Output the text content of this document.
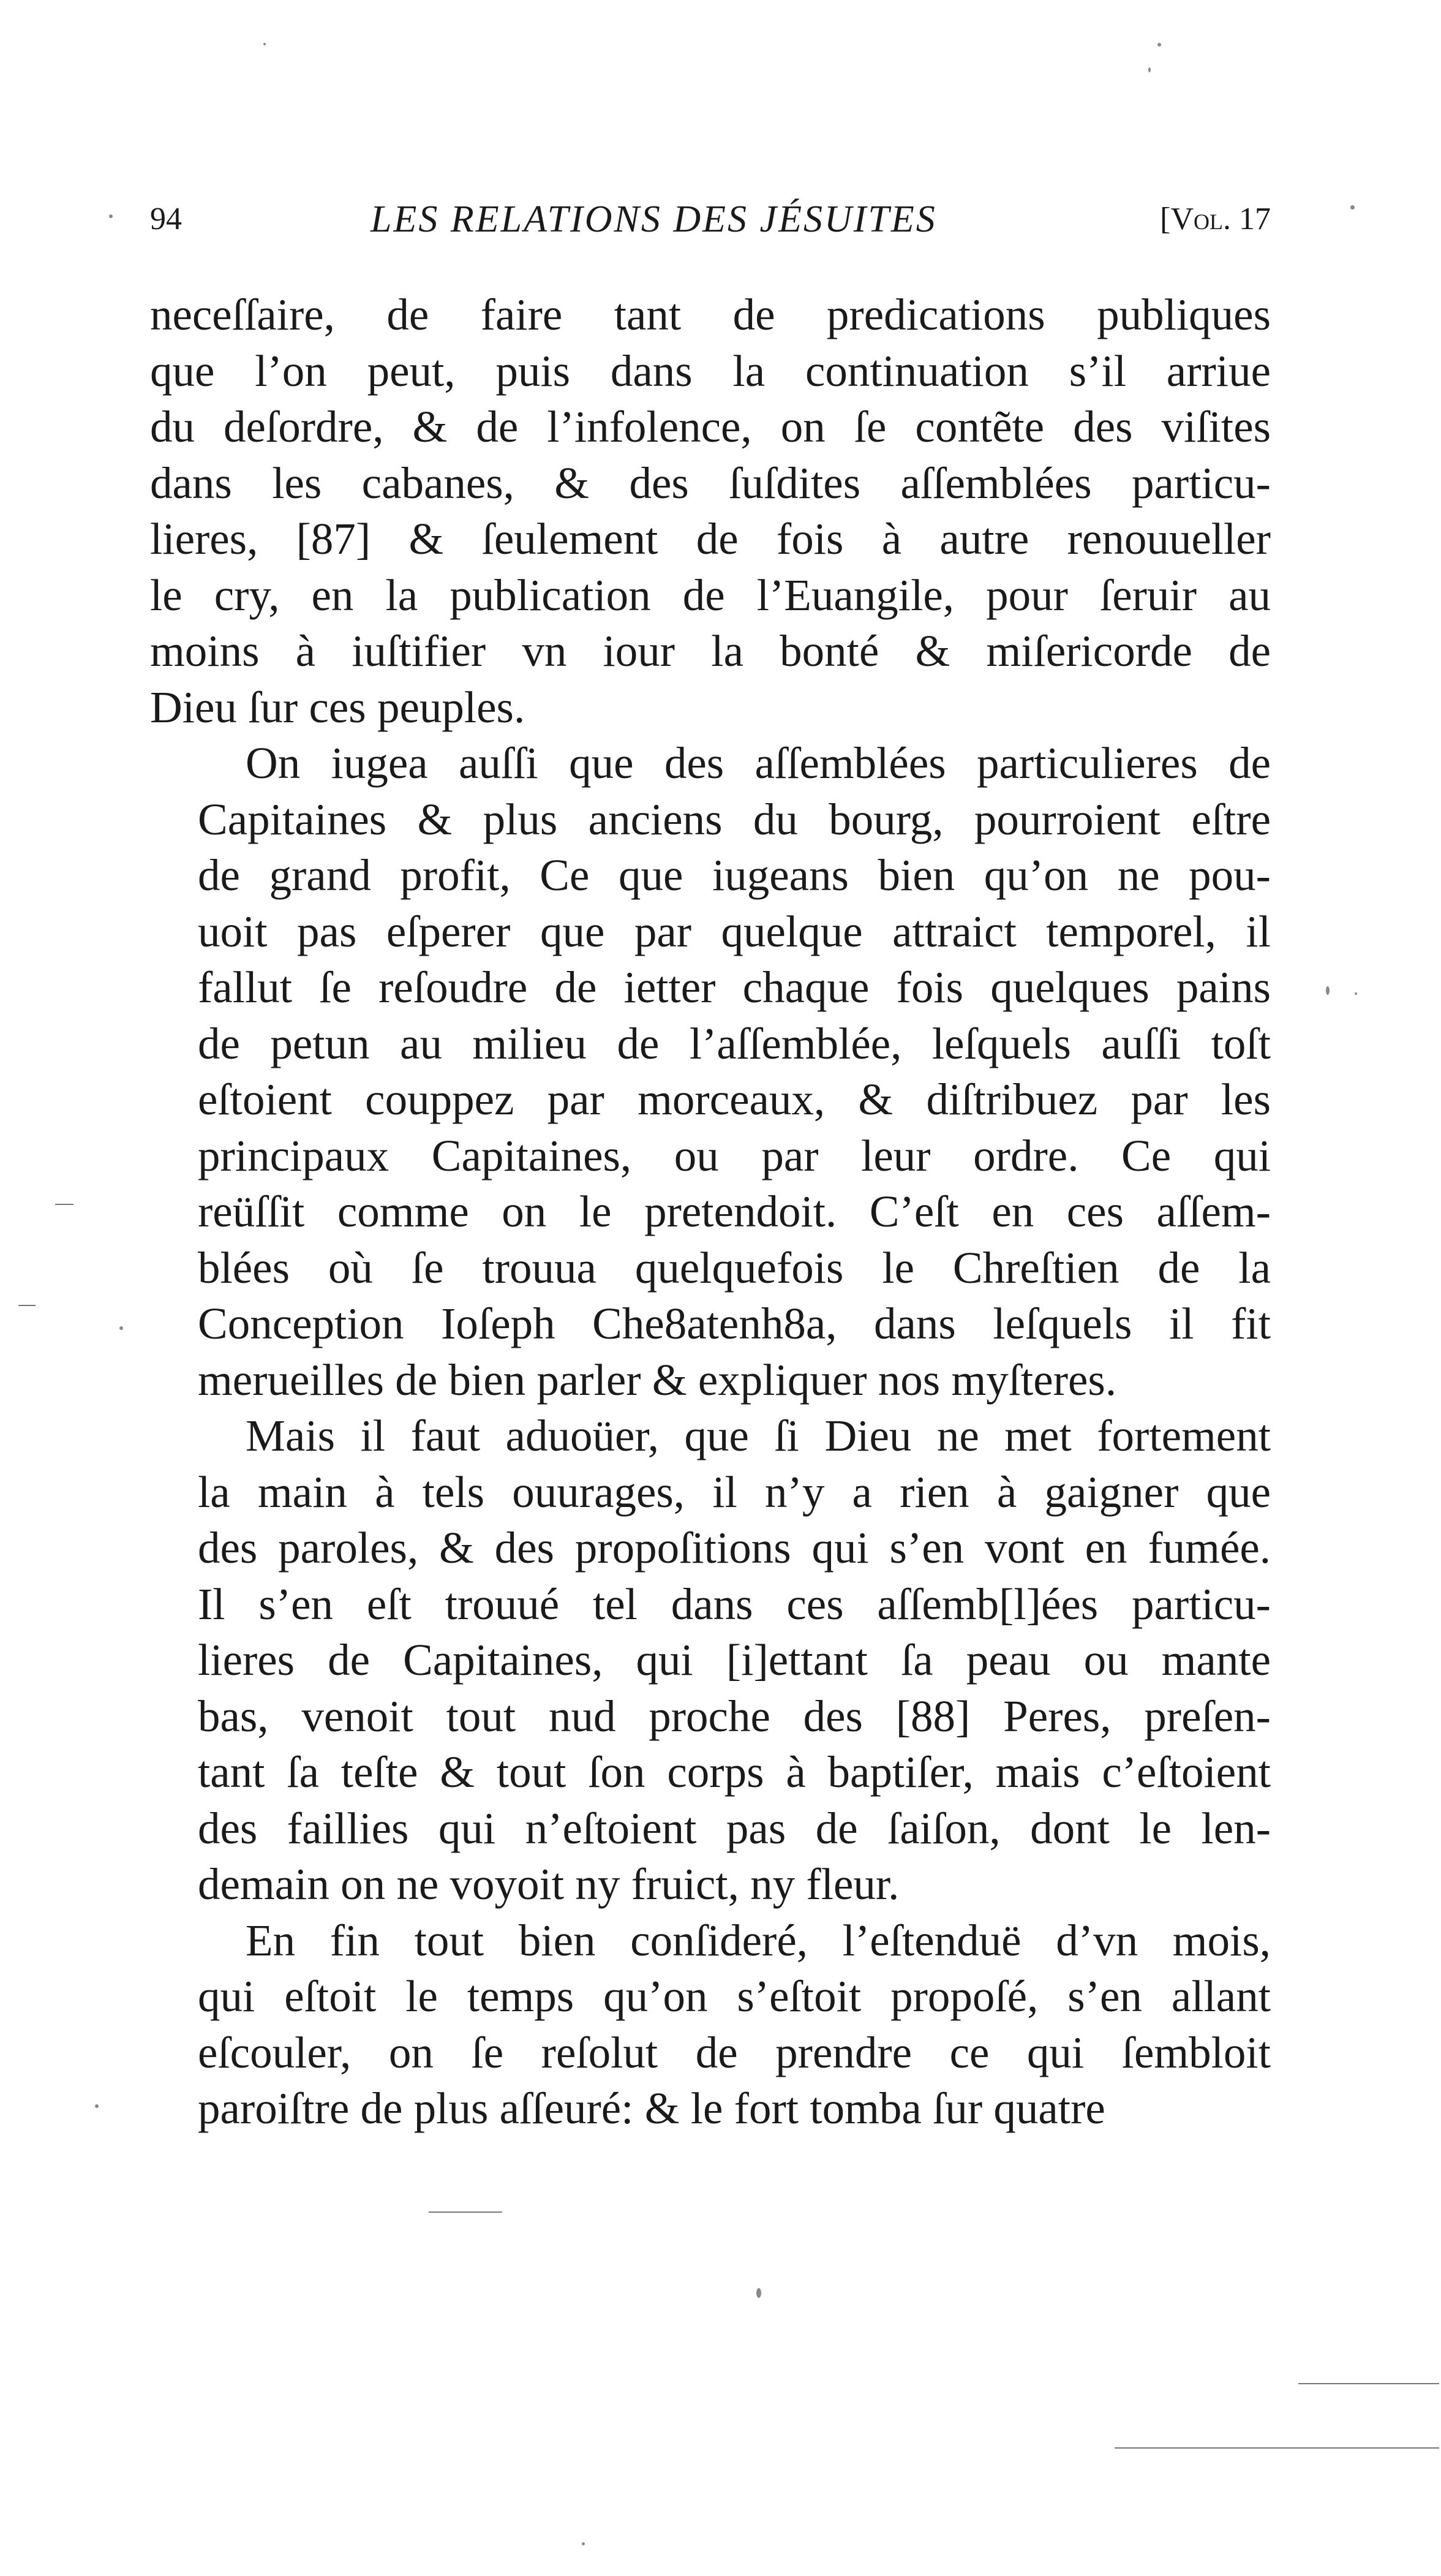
94	LES RELATIONS DES JÉSUITES	[Vol. 17
neceſſaire, de faire tant de predications publiques
que l’on peut, puis dans la continuation s’il arriue
du deſordre, & de l’infolence, on ſe contẽte des viſites
dans les cabanes, & des ſuſdites aſſemblées particu-
lieres, [87] & ſeulement de fois à autre renouueller
le cry, en la publication de l’Euangile, pour ſeruir au
moins à iuſtifier vn iour la bonté & miſericorde de
Dieu ſur ces peuples.
On iugea auſſi que des aſſemblées particulieres de
Capitaines & plus anciens du bourg, pourroient eſtre
de grand profit, Ce que iugeans bien qu’on ne pou-
uoit pas eſperer que par quelque attraict temporel, il
fallut ſe reſoudre de ietter chaque fois quelques pains
de petun au milieu de l’aſſemblée, leſquels auſſi toſt
eſtoient couppez par morceaux, & diſtribuez par les
principaux Capitaines, ou par leur ordre. Ce qui
reüſſit comme on le pretendoit. C’eſt en ces aſſem-
blées où ſe trouua quelquefois le Chreſtien de la
Conception Ioſeph Che8atenh8a, dans leſquels il fit
merueilles de bien parler & expliquer nos myſteres.
Mais il faut aduoüer, que ſi Dieu ne met fortement
la main à tels ouurages, il n’y a rien à gaigner que
des paroles, & des propoſitions qui s’en vont en fumée.
Il s’en eſt trouué tel dans ces aſſemb[l]ées particu-
lieres de Capitaines, qui [i]ettant ſa peau ou mante
bas, venoit tout nud proche des [88] Peres, preſen-
tant ſa teſte & tout ſon corps à baptiſer, mais c’eſtoient
des faillies qui n’eſtoient pas de ſaiſon, dont le len-
demain on ne voyoit ny fruict, ny fleur.
En fin tout bien conſideré, l’eſtenduë d’vn mois,
qui eſtoit le temps qu’on s’eſtoit propoſé, s’en allant
eſcouler, on ſe reſolut de prendre ce qui ſembloit
paroiſtre de plus aſſeuré: & le fort tomba ſur quatre
